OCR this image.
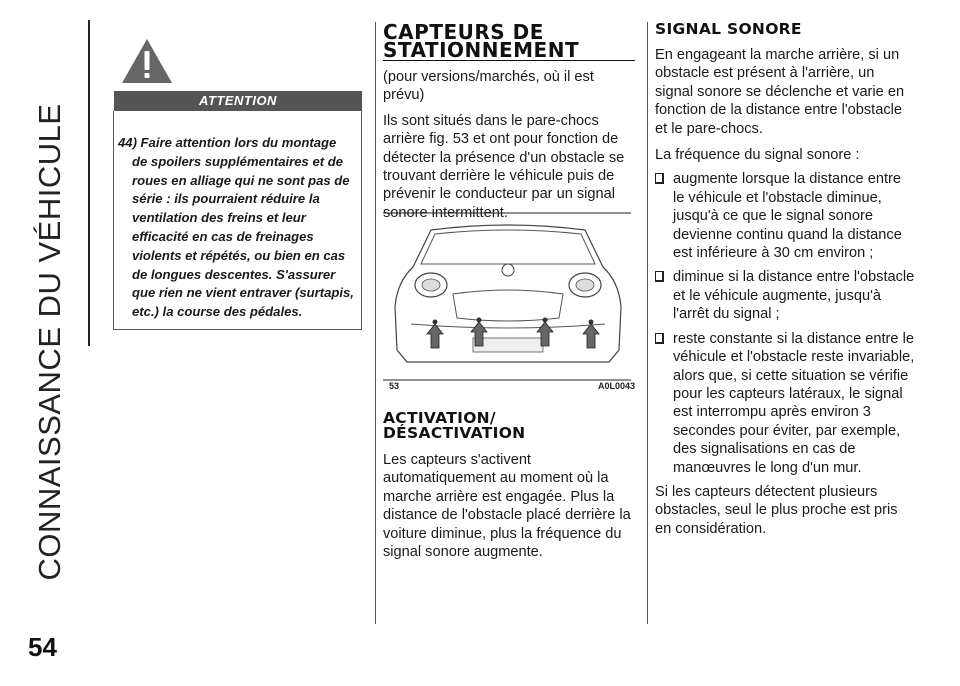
CONNAISSANCE DU VÉHICULE
54
ATTENTION
44) Faire attention lors du montage
de spoilers supplémentaires et de roues en alliage qui ne sont pas de série : ils pourraient réduire la ventilation des freins et leur efficacité en cas de freinages violents et répétés, ou bien en cas de longues descentes. S'assurer que rien ne vient entraver (surtapis, etc.) la course des pédales.
CAPTEURS DE
STATIONNEMENT

(pour versions/marchés, où il est prévu)

Ils sont situés dans le pare-chocs arrière fig. 53 et ont pour fonction de détecter la présence d'un obstacle se trouvant derrière le véhicule puis de prévenir le conducteur par un signal sonore intermittent.

53	A0L0043
ACTIVATION/
DÉSACTIVATION

Les capteurs s'activent automatiquement au moment où la marche arrière est engagée. Plus la distance de l'obstacle placé derrière la voiture diminue, plus la fréquence du signal sonore augmente.

SIGNAL SONORE

En engageant la marche arrière, si un obstacle est présent à l'arrière, un signal sonore se déclenche et varie en fonction de la distance entre l'obstacle et le pare-chocs.

La fréquence du signal sonore :

augmente lorsque la distance entre le véhicule et l'obstacle diminue, jusqu'à ce que le signal sonore devienne continu quand la distance est inférieure à 30 cm environ ;
diminue si la distance entre l'obstacle et le véhicule augmente, jusqu'à l'arrêt du signal ;
reste constante si la distance entre le véhicule et l'obstacle reste invariable, alors que, si cette situation se vérifie pour les capteurs latéraux, le signal est interrompu après environ 3 secondes pour éviter, par exemple, des signalisations en cas de manœuvres le long d'un mur.

Si les capteurs détectent plusieurs obstacles, seul le plus proche est pris en considération.
